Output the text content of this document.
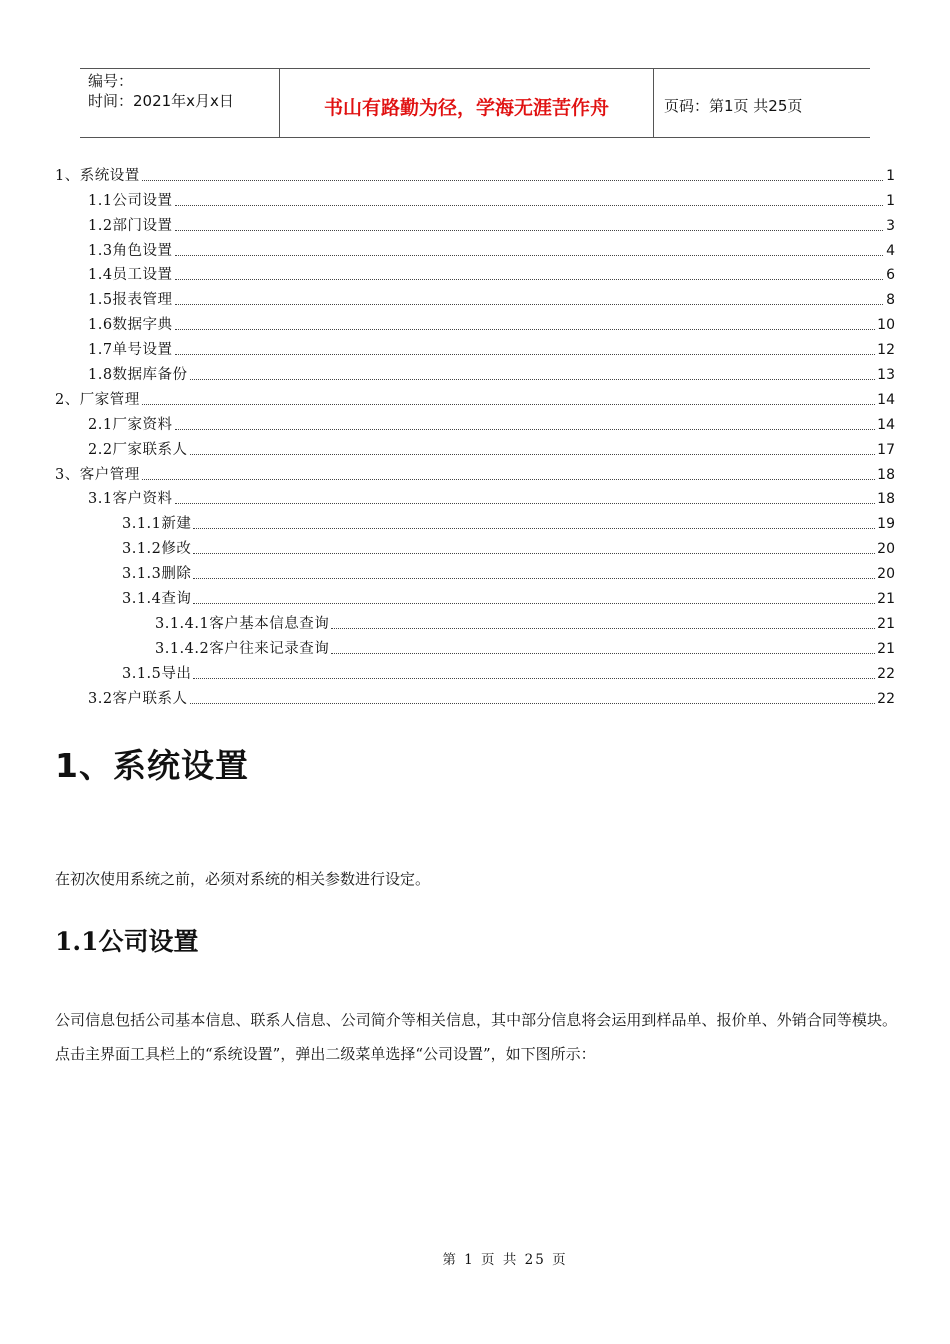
编号：
时间：2021年x月x日	书山有路勤为径，学海无涯苦作舟	页码：第1页 共25页
1、系统设置	1
1.1公司设置	1
1.2部门设置	3
1.3角色设置	4
1.4员工设置	6
1.5报表管理	8
1.6数据字典	10
1.7单号设置	12
1.8数据库备份	13
2、厂家管理	14
2.1厂家资料	14
2.2厂家联系人	17
3、客户管理	18
3.1客户资料	18
3.1.1新建	19
3.1.2修改	20
3.1.3删除	20
3.1.4查询	21
3.1.4.1客户基本信息查询	21
3.1.4.2客户往来记录查询	21
3.1.5导出	22
3.2客户联系人	22
1、系统设置
在初次使用系统之前，必须对系统的相关参数进行设定。
1.1公司设置
公司信息包括公司基本信息、联系人信息、公司简介等相关信息，其中部分信息将会运用到样品单、报价单、外销合同等模块。点击主界面工具栏上的“系统设置”，弹出二级菜单选择“公司设置”，如下图所示：
第 1 页 共 25 页
